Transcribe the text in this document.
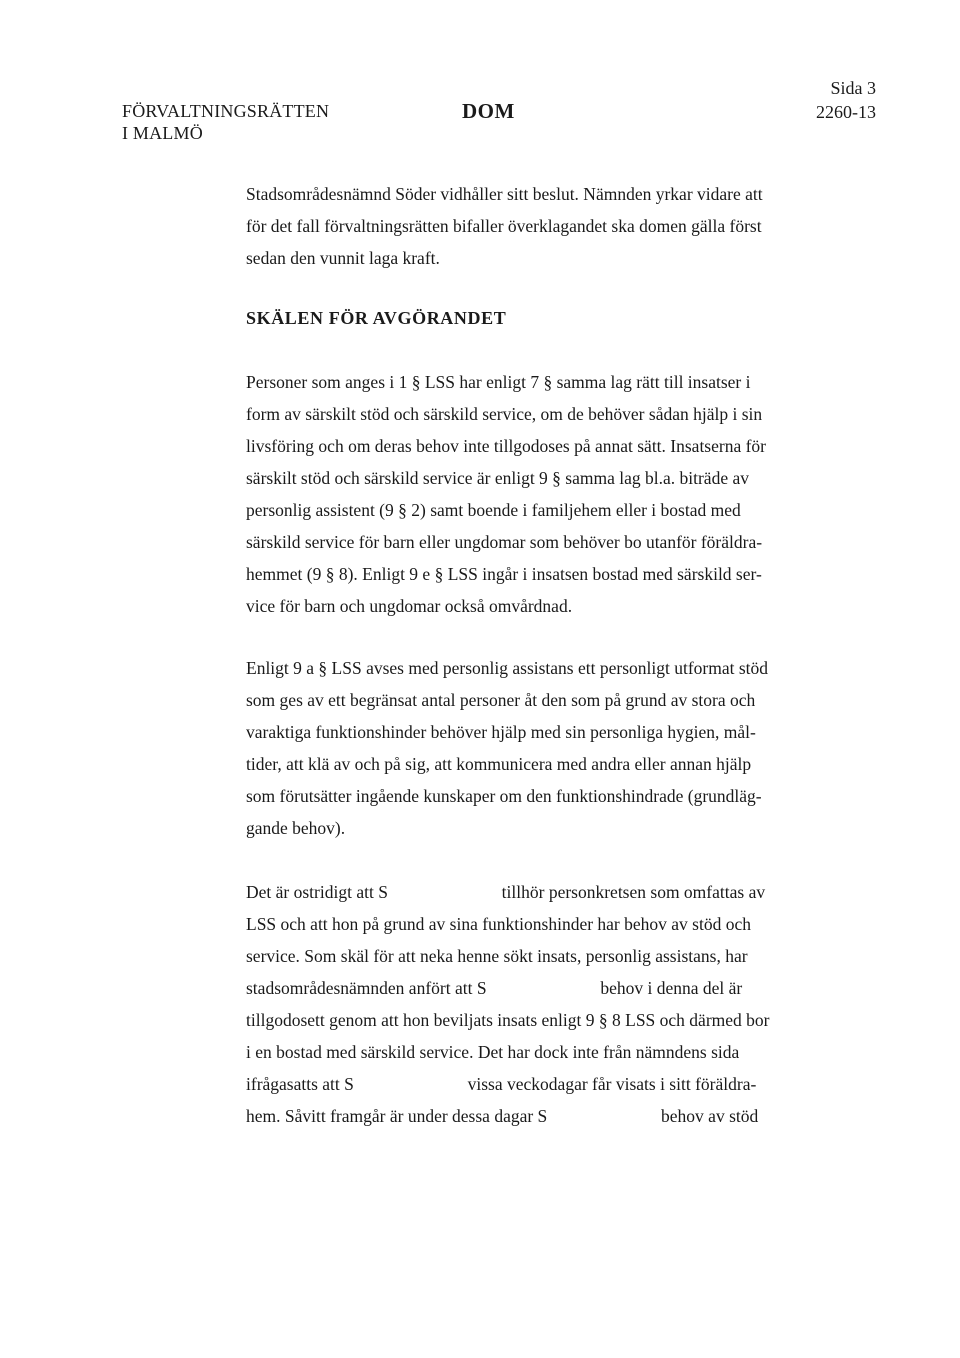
FÖRVALTNINGSRÄTTEN
I MALMÖ
DOM
Sida 3
2260-13
Stadsområdesnämnd Söder vidhåller sitt beslut. Nämnden yrkar vidare att
för det fall förvaltningsrätten bifaller överklagandet ska domen gälla först
sedan den vunnit laga kraft.
SKÄLEN FÖR AVGÖRANDET
Personer som anges i 1 § LSS har enligt 7 § samma lag rätt till insatser i
form av särskilt stöd och särskild service, om de behöver sådan hjälp i sin
livsföring och om deras behov inte tillgodoses på annat sätt. Insatserna för
särskilt stöd och särskild service är enligt 9 § samma lag bl.a. biträde av
personlig assistent (9 § 2) samt boende i familjehem eller i bostad med
särskild service för barn eller ungdomar som behöver bo utanför föräldra-
hemmet (9 § 8). Enligt 9 e § LSS ingår i insatsen bostad med särskild ser-
vice för barn och ungdomar också omvårdnad.
Enligt 9 a § LSS avses med personlig assistans ett personligt utformat stöd
som ges av ett begränsat antal personer åt den som på grund av stora och
varaktiga funktionshinder behöver hjälp med sin personliga hygien, mål-
tider, att klä av och på sig, att kommunicera med andra eller annan hjälp
som förutsätter ingående kunskaper om den funktionshindrade (grundläg-
gande behov).
Det är ostridigt att S                          tillhör personkretsen som omfattas av
LSS och att hon på grund av sina funktionshinder har behov av stöd och
service. Som skäl för att neka henne sökt insats, personlig assistans, har
stadsområdesnämnden anfört att S                          behov i denna del är
tillgodosett genom att hon beviljats insats enligt 9 § 8 LSS och därmed bor
i en bostad med särskild service. Det har dock inte från nämndens sida
ifrågasatts att S                          vissa veckodagar får visats i sitt föräldra-
hem. Såvitt framgår är under dessa dagar S                          behov av stöd
